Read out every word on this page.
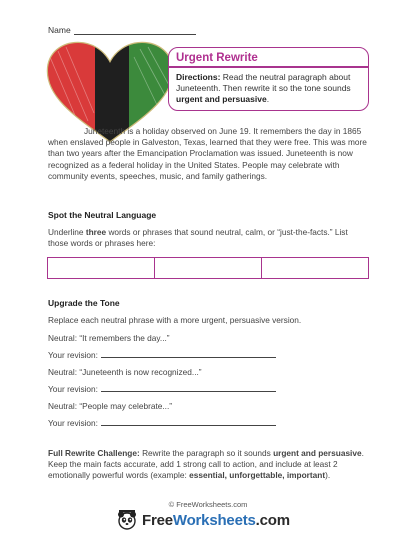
Name
Urgent Rewrite
Directions: Read the neutral paragraph about Juneteenth. Then rewrite it so the tone sounds urgent and persuasive.

Juneteenth is a holiday observed on June 19. It remembers the day in 1865 when enslaved people in Galveston, Texas, learned that they were free. This was more than two years after the Emancipation Proclamation was issued. Juneteenth is now recognized as a federal holiday in the United States. People may celebrate with community events, speeches, music, and family gatherings.

Spot the Neutral Language
Underline three words or phrases that sound neutral, calm, or “just-the-facts.” List those words or phrases here:
Upgrade the Tone
Replace each neutral phrase with a more urgent, persuasive version.
Neutral: “It remembers the day...”
Your revision:
Neutral: “Juneteenth is now recognized...”
Your revision:
Neutral: “People may celebrate...”
Your revision:
Full Rewrite Challenge: Rewrite the paragraph so it sounds urgent and persuasive. Keep the main facts accurate, add 1 strong call to action, and include at least 2 emotionally powerful words (example: essential, unforgettable, important).
© FreeWorksheets.com
FreeWorksheets.com
